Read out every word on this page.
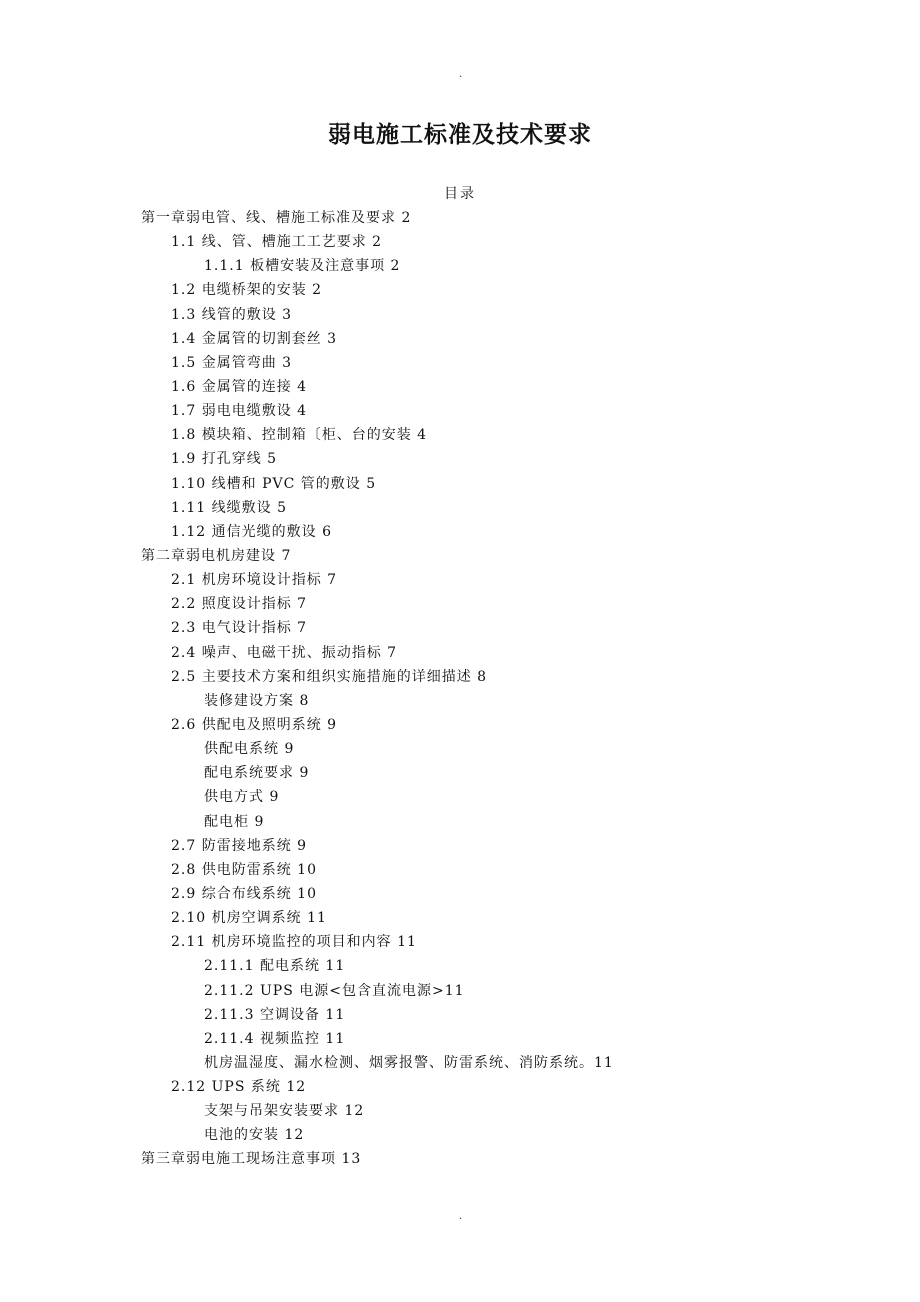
.
弱电施工标准及技术要求
目录
第一章弱电管、线、槽施工标准及要求 2
1.1 线、管、槽施工工艺要求 2
1.1.1 板槽安装及注意事项 2
1.2 电缆桥架的安装 2
1.3 线管的敷设 3
1.4 金属管的切割套丝 3
1.5 金属管弯曲 3
1.6 金属管的连接 4
1.7 弱电电缆敷设 4
1.8 模块箱、控制箱〔柜、台的安装 4
1.9 打孔穿线 5
1.10 线槽和 PVC 管的敷设 5
1.11 线缆敷设 5
1.12 通信光缆的敷设 6
第二章弱电机房建设 7
2.1 机房环境设计指标 7
2.2 照度设计指标 7
2.3 电气设计指标 7
2.4 噪声、电磁干扰、振动指标 7
2.5 主要技术方案和组织实施措施的详细描述 8
装修建设方案 8
2.6 供配电及照明系统 9
供配电系统 9
配电系统要求 9
供电方式 9
配电柜 9
2.7 防雷接地系统 9
2.8 供电防雷系统 10
2.9 综合布线系统 10
2.10 机房空调系统 11
2.11 机房环境监控的项目和内容 11
2.11.1 配电系统 11
2.11.2 UPS 电源<包含直流电源>11
2.11.3 空调设备 11
2.11.4 视频监控 11
机房温湿度、漏水检测、烟雾报警、防雷系统、消防系统。11
2.12 UPS 系统 12
支架与吊架安装要求 12
电池的安装 12
第三章弱电施工现场注意事项 13
.
